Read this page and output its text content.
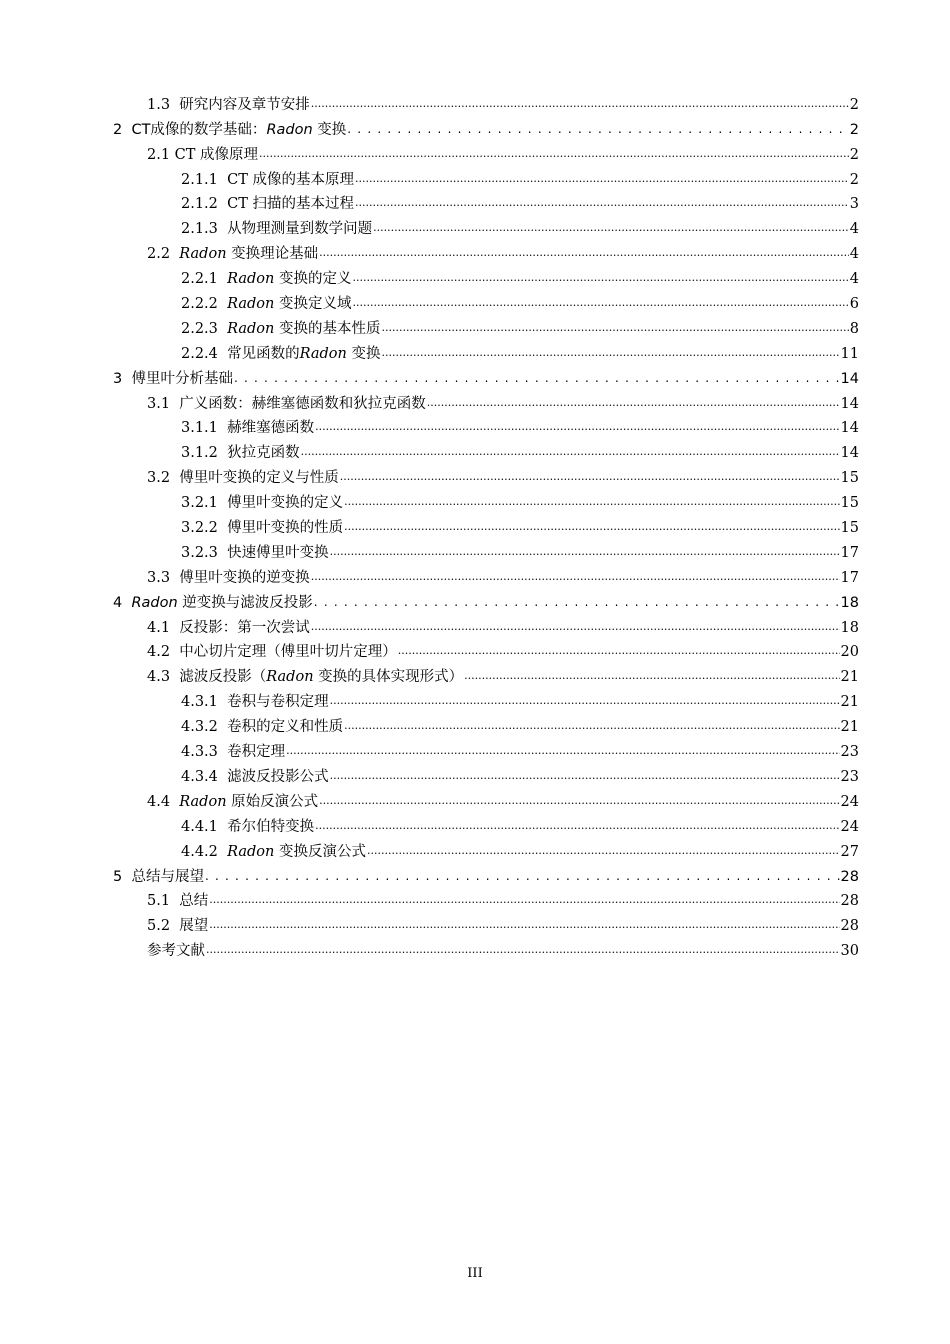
1.3 研究内容及章节安排 .....	2
2 CT成像的数学基础：Radon 变换 . . .	2
2.1 CT 成像原理 .....	2
2.1.1 CT 成像的基本原理 .....	2
2.1.2 CT 扫描的基本过程 .....	3
2.1.3 从物理测量到数学问题 .....	4
2.2 Radon 变换理论基础 .....	4
2.2.1 Radon 变换的定义 .....	4
2.2.2 Radon 变换定义域 .....	6
2.2.3 Radon 变换的基本性质 .....	8
2.2.4 常见函数的Radon 变换 .....	11
3 傅里叶分析基础 . . .	14
3.1 广义函数：赫维塞德函数和狄拉克函数 .....	14
3.1.1 赫维塞德函数 .....	14
3.1.2 狄拉克函数 .....	14
3.2 傅里叶变换的定义与性质 .....	15
3.2.1 傅里叶变换的定义 .....	15
3.2.2 傅里叶变换的性质 .....	15
3.2.3 快速傅里叶变换 .....	17
3.3 傅里叶变换的逆变换 .....	17
4 Radon 逆变换与滤波反投影 . . .	18
4.1 反投影：第一次尝试 .....	18
4.2 中心切片定理（傅里叶切片定理） .....	20
4.3 滤波反投影（Radon 变换的具体实现形式） .....	21
4.3.1 卷积与卷积定理 .....	21
4.3.2 卷积的定义和性质 .....	21
4.3.3 卷积定理 .....	23
4.3.4 滤波反投影公式 .....	23
4.4 Radon 原始反演公式 .....	24
4.4.1 希尔伯特变换 .....	24
4.4.2 Radon 变换反演公式 .....	27
5 总结与展望 . . .	28
5.1 总结 .....	28
5.2 展望 .....	28
参考文献 .....	30
III
